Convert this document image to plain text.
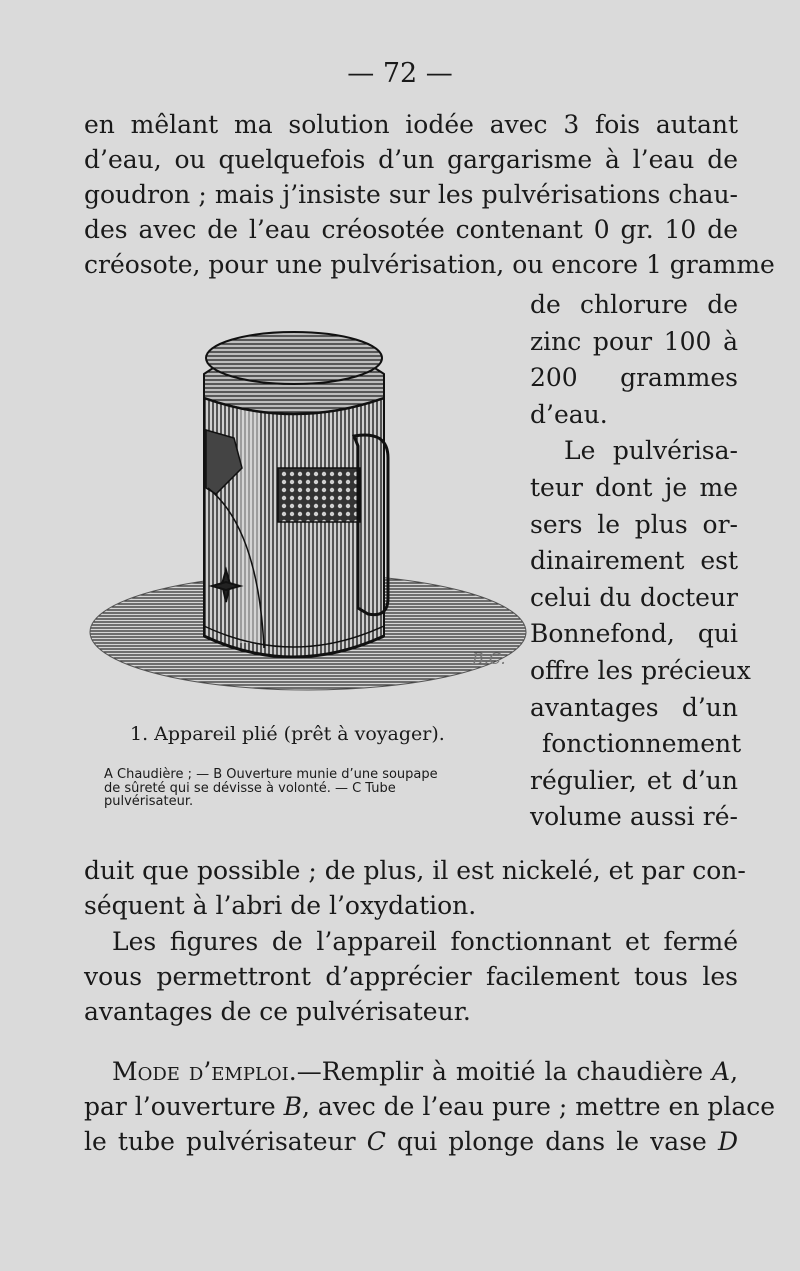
— 72 —
en mêlant ma solution iodée avec 3 fois autant
d’eau, ou quelquefois d’un gargarisme à l’eau de
goudron ; mais j’insiste sur les pulvérisations chau-
des avec de l’eau créosotée contenant 0 gr. 10 de
créosote, pour une pulvérisation, ou encore 1 gramme
de chlorure de
zinc pour 100 à
200 grammes
d’eau.
Le pulvérisa-
teur dont je me
sers le plus or-
dinairement est
celui du docteur
Bonnefond, qui
offre les précieux
avantages d’un
fonctionnement
régulier, et d’un
volume aussi ré-
B.C.
1. Appareil plié (prêt à voyager).
A Chaudière ; — B Ouverture munie d’une soupape
de sûreté qui se dévisse à volonté. — C Tube
pulvérisateur.
duit que possible ; de plus, il est nickelé, et par con-
séquent à l’abri de l’oxydation.
Les figures de l’appareil fonctionnant et fermé
vous permettront d’apprécier facilement tous les
avantages de ce pulvérisateur.
Mode d’emploi.—Remplir à moitié la chaudière A,
par l’ouverture B, avec de l’eau pure ; mettre en place
le tube pulvérisateur C qui plonge dans le vase D
